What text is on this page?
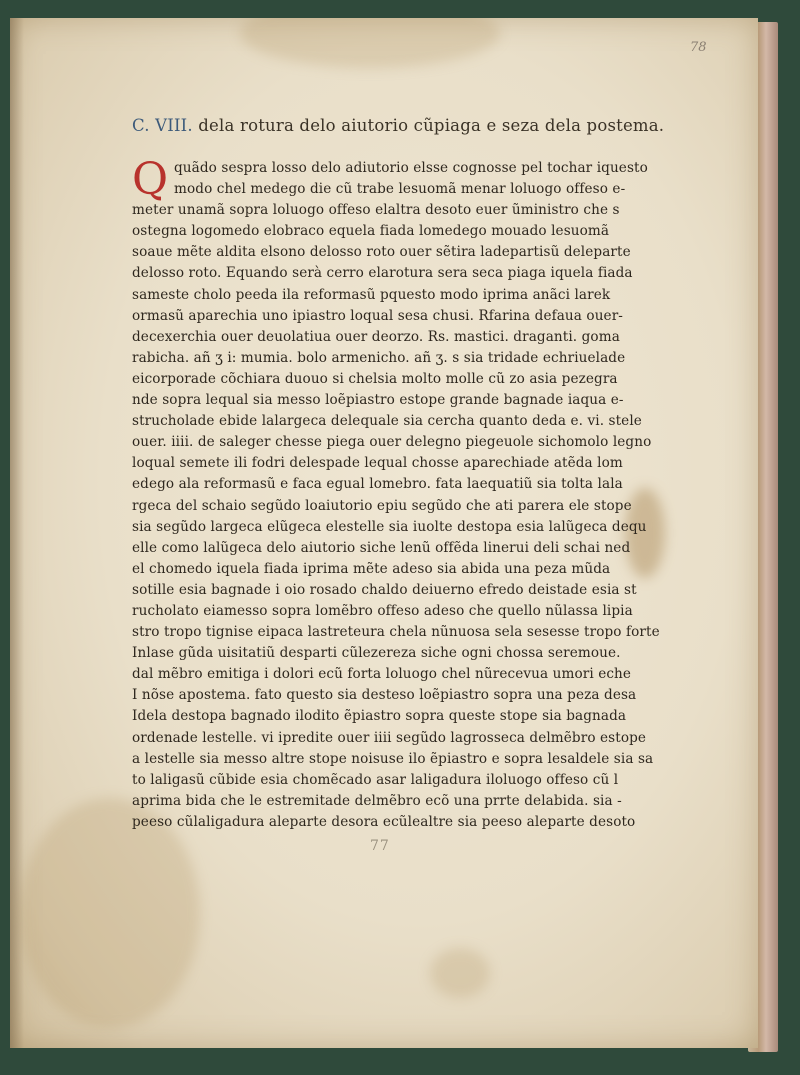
78
C. VIII. dela rotura delo aiutorio cũpiaga e seza dela postema.
Q quãdo sespra losso delo adiutorio elsse cognosse pel tochar iquesto
modo chel medego die cũ trabe lesuomã menar loluogo offeso e-
meter unamã sopra loluogo offeso elaltra desoto euer ũministro che s
ostegna logomedo elobraco equela fiada lomedego mouado lesuomã
soaue mẽte aldita elsono delosso roto ouer sẽtira ladepartisũ deleparte
delosso roto. Equando serà cerro elarotura sera seca piaga iquela fiada
sameste cholo peeda ila reformasũ pquesto modo iprima anãci larek
ormasũ aparechia uno ipiastro loqual sesa chusi. Rfarina defaua ouer-
decexerchia ouer deuolatiua ouer deorzo. Rs. mastici. draganti. goma
rabicha. añ ʒ i: mumia. bolo armenicho. añ ʒ. s sia tridade echriuelade
eicorporade cõchiara duouo si chelsia molto molle cũ zo asia pezegra
nde sopra lequal sia messo loẽpiastro estope grande bagnade iaqua e-
strucholade ebide lalargeca delequale sia cercha quanto deda e. vi. stele
ouer. iiii. de saleger chesse piega ouer delegno piegeuole sichomolo legno
loqual semete ili fodri delespade lequal chosse aparechiade atẽda lom
edego ala reformasũ e faca egual lomebro. fata laequatiũ sia tolta lala
rgeca del schaio segũdo loaiutorio epiu segũdo che ati parera ele stope
sia segũdo largeca elũgeca elestelle sia iuolte destopa esia lalũgeca dequ
elle como lalũgeca delo aiutorio siche lenũ offẽda linerui deli schai ned
el chomedo iquela fiada iprima mẽte adeso sia abida una peza mũda
sotille esia bagnade i oio rosado chaldo deiuerno efredo deistade esia st
rucholato eiamesso sopra lomẽbro offeso adeso che quello nũlassa lipia
stro tropo tignise eipaca lastreteura chela nũnuosa sela sesesse tropo forte
Inlase gũda uisitatiũ desparti cũlezereza siche ogni chossa seremoue.
dal mẽbro emitiga i dolori ecũ forta loluogo chel nũrecevua umori eche
I nõse apostema. fato questo sia desteso loẽpiastro sopra una peza desa
Idela destopa bagnado ilodito ẽpiastro sopra queste stope sia bagnada
ordenade lestelle. vi ipredite ouer iiii segũdo lagrosseca delmẽbro estope
a lestelle sia messo altre stope noisuse ilo ẽpiastro e sopra lesaldele sia sa
to laligasũ cũbide esia chomẽcado asar laligadura iloluogo offeso cũ l
aprima bida che le estremitade delmẽbro ecõ una prrte delabida. sia -
peeso cũlaligadura aleparte desora ecũlealtre sia peeso aleparte desoto
77
